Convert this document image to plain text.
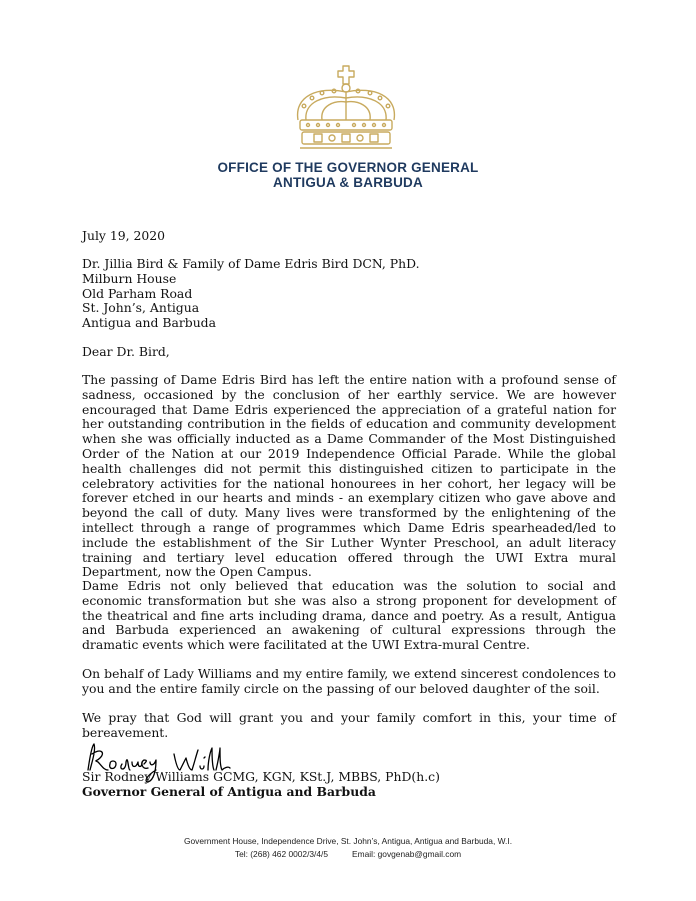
OFFICE OF THE GOVERNOR GENERAL
ANTIGUA & BARBUDA
July 19, 2020
Dr. Jillia Bird & Family of Dame Edris Bird DCN, PhD.
Milburn House
Old Parham Road
St. John’s, Antigua
Antigua and Barbuda
Dear Dr. Bird,
The passing of Dame Edris Bird has left the entire nation with a profound sense of sadness, occasioned by the conclusion of her earthly service. We are however encouraged that Dame Edris experienced the appreciation of a grateful nation for her outstanding contribution in the fields of education and community development when she was officially inducted as a Dame Commander of the Most Distinguished Order of the Nation at our 2019 Independence Official Parade. While the global health challenges did not permit this distinguished citizen to participate in the celebratory activities for the national honourees in her cohort, her legacy will be forever etched in our hearts and minds - an exemplary citizen who gave above and beyond the call of duty. Many lives were transformed by the enlightening of the intellect through a range of programmes which Dame Edris spearheaded/led to include the establishment of the Sir Luther Wynter Preschool, an adult literacy training and tertiary level education offered through the UWI Extra mural Department, now the Open Campus.
Dame Edris not only believed that education was the solution to social and economic transformation but she was also a strong proponent for development of the theatrical and fine arts including drama, dance and poetry. As a result, Antigua and Barbuda experienced an awakening of cultural expressions through the dramatic events which were facilitated at the UWI Extra-mural Centre.
On behalf of Lady Williams and my entire family, we extend sincerest condolences to you and the entire family circle on the passing of our beloved daughter of the soil.
We pray that God will grant you and your family comfort in this, your time of bereavement.
Sir Rodney Williams GCMG, KGN, KSt.J, MBBS, PhD(h.c)
Governor General of Antigua and Barbuda
Government House, Independence Drive, St. John’s, Antigua, Antigua and Barbuda, W.I.
Tel: (268) 462 0002/3/4/5	Email: govgenab@gmail.com
